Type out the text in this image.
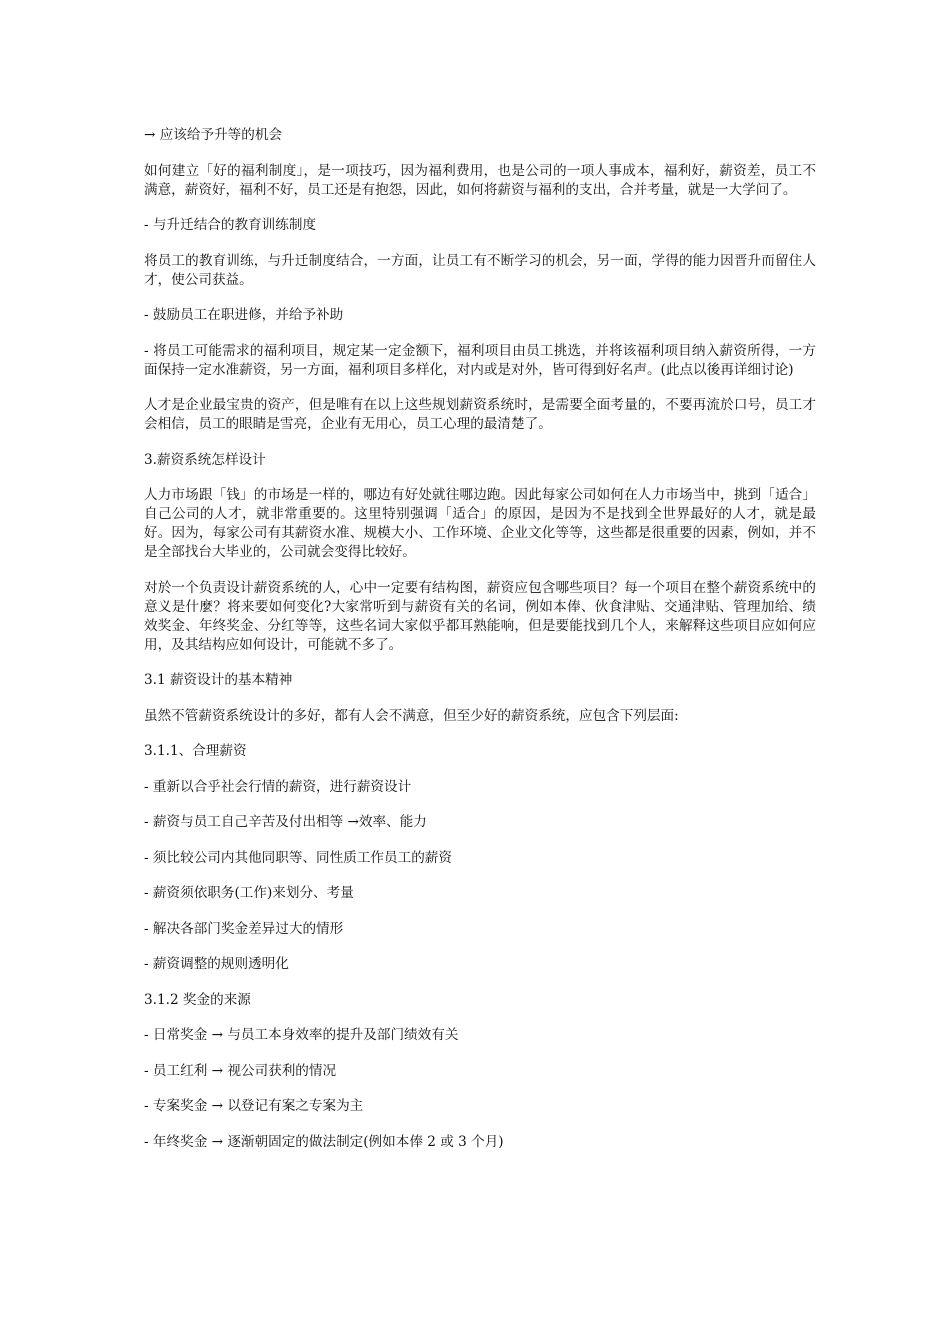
→ 应该给予升等的机会

如何建立「好的福利制度」，是一项技巧，因为福利费用，也是公司的一项人事成本，福利好，薪资差，员工不满意，薪资好，福利不好，员工还是有抱怨，因此，如何将薪资与福利的支出，合并考量，就是一大学问了。

- 与升迁结合的教育训练制度

将员工的教育训练，与升迁制度结合，一方面，让员工有不断学习的机会，另一面，学得的能力因晋升而留住人才，使公司获益。

- 鼓励员工在职进修，并给予补助

- 将员工可能需求的福利项目，规定某一定金额下，福利项目由员工挑选，并将该福利项目纳入薪资所得，一方面保持一定水准薪资，另一方面，福利项目多样化，对内或是对外，皆可得到好名声。(此点以後再详细讨论)

人才是企业最宝贵的资产，但是唯有在以上这些规划薪资系统时，是需要全面考量的，不要再流於口号，员工才会相信，员工的眼睛是雪亮，企业有无用心，员工心理的最清楚了。

3.薪资系统怎样设计

人力市场跟「钱」的市场是一样的，哪边有好处就往哪边跑。因此每家公司如何在人力市场当中，挑到「适合」自己公司的人才，就非常重要的。这里特别强调「适合」的原因，是因为不是找到全世界最好的人才，就是最好。因为，每家公司有其薪资水准、规模大小、工作环境、企业文化等等，这些都是很重要的因素，例如，并不是全部找台大毕业的，公司就会变得比较好。

对於一个负责设计薪资系统的人，心中一定要有结构图，薪资应包含哪些项目？每一个项目在整个薪资系统中的意义是什麼？将来要如何变化?大家常听到与薪资有关的名词，例如本俸、伙食津贴、交通津贴、管理加给、绩效奖金、年终奖金、分红等等，这些名词大家似乎都耳熟能响，但是要能找到几个人，来解释这些项目应如何应用，及其结构应如何设计，可能就不多了。

3.1 薪资设计的基本精神

虽然不管薪资系统设计的多好，都有人会不满意，但至少好的薪资系统，应包含下列层面:

3.1.1、合理薪资

- 重新以合乎社会行情的薪资，进行薪资设计

- 薪资与员工自己辛苦及付出相等 →效率、能力

- 须比较公司内其他同职等、同性质工作员工的薪资

- 薪资须依职务(工作)来划分、考量

- 解决各部门奖金差异过大的情形

- 薪资调整的规则透明化

3.1.2 奖金的来源

- 日常奖金 → 与员工本身效率的提升及部门绩效有关

- 员工红利 → 视公司获利的情况

- 专案奖金 → 以登记有案之专案为主

- 年终奖金 → 逐渐朝固定的做法制定(例如本俸 2 或 3 个月)
